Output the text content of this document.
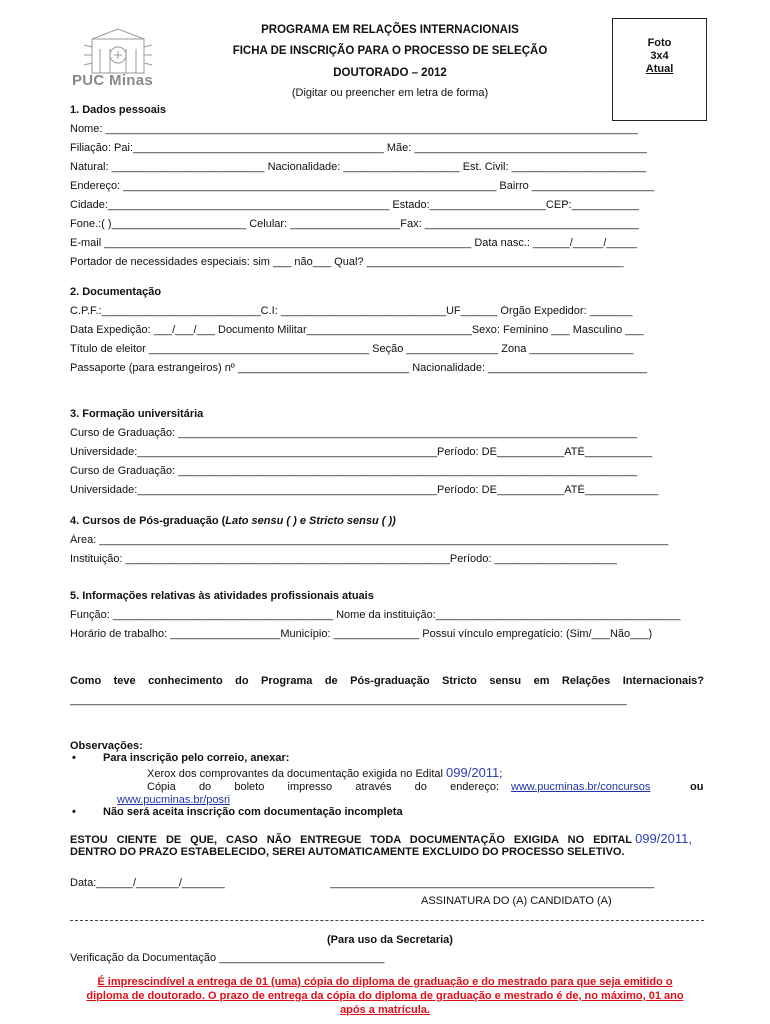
PUC Minas
PROGRAMA EM RELAÇÕES INTERNACIONAIS
FICHA DE INSCRIÇÃO PARA O PROCESSO DE SELEÇÃO
DOUTORADO – 2012
(Digitar ou preencher em letra de forma)
Foto
3x4
Atual
1. Dados pessoais
Nome: _______________________________________________________________________________________
Filiação: Pai:_________________________________________ Mãe: ______________________________________
Natural: _________________________ Nacionalidade: ___________________ Est. Civil: ______________________
Endereço: _____________________________________________________________ Bairro ____________________
Cidade:______________________________________________ Estado:___________________CEP:___________
Fone.:( )______________________ Celular: __________________Fax: ___________________________________
E-mail ____________________________________________________________ Data nasc.: ______/_____/_____
Portador de necessidades especiais: sim ___ não___ Qual? __________________________________________
2. Documentação
C.P.F.:__________________________C.I: ___________________________UF______ Órgão Expedidor: _______
Data Expedição: ___/___/___ Documento Militar___________________________Sexo: Feminino ___ Masculino ___
Título de eleitor ____________________________________ Seção _______________ Zona _________________
Passaporte (para estrangeiros) nº ____________________________ Nacionalidade: __________________________
3. Formação universitária
Curso de Graduação: ___________________________________________________________________________
Universidade:_________________________________________________Período: DE___________ATÉ___________
Curso de Graduação: ___________________________________________________________________________
Universidade:_________________________________________________Período: DE___________ATÉ____________
4. Cursos de Pós-graduação (Lato sensu ( ) e Stricto sensu ( ))
Área: _____________________________________________________________________________________________
Instituição: _____________________________________________________Período: ____________________
5. Informações relativas às atividades profissionais atuais
Função: ____________________________________ Nome da instituição:________________________________________
Horário de trabalho: __________________Município: ______________ Possui vínculo empregatício: (Sim/___Não___)
Como teve conhecimento do Programa de Pós-graduação Stricto sensu em Relações Internacionais?
___________________________________________________________________________________________
Observações:
• Para inscrição pelo correio, anexar:
Xerox dos comprovantes da documentação exigida no Edital 099/2011;
Cópia do boleto impresso através do endereço: www.pucminas.br/concursos	ou
www.pucminas.br/posri
• Não será aceita inscrição com documentação incompleta
ESTOU CIENTE DE QUE, CASO NÃO ENTREGUE TODA DOCUMENTAÇÃO EXIGIDA NO EDITAL 099/2011,
DENTRO DO PRAZO ESTABELECIDO, SEREI AUTOMATICAMENTE EXCLUIDO DO PROCESSO SELETIVO.
Data:______/_______/_______	_____________________________________________________
ASSINATURA DO (A) CANDIDATO (A)
(Para uso da Secretaria)
Verificação da Documentação ___________________________
É imprescindível a entrega de 01 (uma) cópia do diploma de graduação e do mestrado para que seja emitido o
diploma de doutorado. O prazo de entrega da cópia do diploma de graduação e mestrado é de, no máximo, 01 ano
após a matrícula.
